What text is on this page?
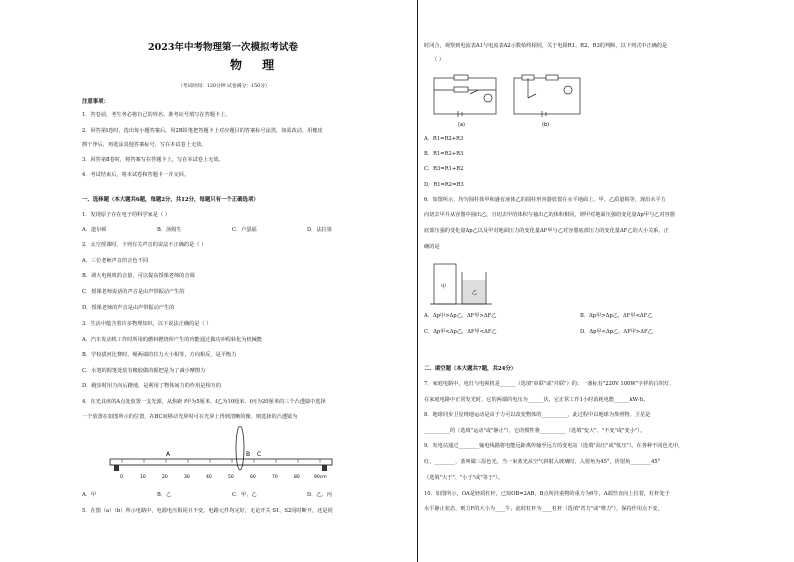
2023年中考物理第一次模拟考试卷
物 理
（考试时间：120分钟 试卷满分：150分）
注意事项：
1．答卷前，考生务必将自己的姓名、准考证号填写在答题卡上。
2．回答第Ⅰ卷时，选出每小题答案后，用2B铅笔把答题卡上对应题目的答案标号涂黑，如需改动，用橡皮
擦干净后，再选涂其他答案标号，写在本试卷上无效。
3．回答第Ⅱ卷时，将答案写在答题卡上，写在本试卷上无效。
4．考试结束后，将本试卷和答题卡一并交回。
一、选择题（本大题共6题，每题2分，共12分，每题只有一个正确选项）
1．发现原子存在电子的科学家是（ ）
A．道尔顿	B．汤姆生	C．卢瑟福	D．法拉第
2．太空授课时，下列有关声音的说法不正确的是（ ）
A．三位老师声音的音色不同
B．调大电视机的音量，可以提高授课老师的音调
C．授课老师说话的声音是由声带振动产生的
D．授课老师的声音是由声带振动产生的
3．生活中蕴含着许多物理知识，以下说法正确的是（ ）
A．汽车发动机工作时所用的燃料燃烧所产生的内能通过做功冲程转化为机械能
B．学校拔河比赛时，绳两端的拉力大小相等，方向相反，是平衡力
C．水笔的握笔处装有橡胶做的握把是为了减小摩擦力
D．跑步时用力向后蹬地，是利用了物体间力的作用是相互的
4．在光具座的A点处放置一支光源，从焦距 f甲为5厘米、f乙为10厘米、f丙为20厘米的三个凸透镜中选择
一个放置在如图所示的位置，在BC间移动光屏时可在光屏上得到清晰的像，则选择的凸透镜为
A	B C
0	10	20	30	40	50	60	70	80	90cm
A．甲	B．乙	C．甲、乙	D．乙、丙
5．在图（a）（b）所示电路中，电源电压相同且不变，电路元件均完好，无论开关 S1、S2同时断开，还是同
时闭合，观察到电流表A1与电流表A2示数始终相同，关于电阻R1、R2、R3的判断，以下列式中正确的是
（ ）
(a)	(b)
A．R1=R2+R3
B．R1=R2+R3
C．R3=R1+R2
D．R1=R2=R3
6．如图所示，均匀圆柱体甲和盛有液体乙的圆柱形容器放置在水平地面上，甲、乙质量相等，现沿水平方
向切去甲并从容器中抽出乙，且切去甲的体积与抽出乙的体积相同，则甲对地面压强的变化量Δp甲与乙对容器
底部压强的变化量Δp乙以及甲对地面压力的变化量ΔF甲与乙对容器底部压力的变化量ΔF乙的大小关系，正
确的是
甲
乙
A．Δp甲>Δp乙，ΔF甲>ΔF乙	B．Δp甲>Δp乙，ΔF甲<ΔF乙
C．Δp甲<Δp乙，ΔF甲<ΔF乙	D．Δp甲<Δp乙，ΔF甲>ΔF乙
二、填空题（本大题共7题，共24分）
7．家庭电路中，电灯与电视机是______（选填"串联"或"并联"）的；一盏标有"220V 100W"字样的白炽灯，
在家庭电路中正常发光时，它的两端的电压为______伏，它正常工作1小时消耗电能______kW·h。
8．地球同步卫星绕地运动是由于力可以改变物体的__________，此过程中以地球为参照物，卫星是
__________的（选填"运动"或"静止"），它的惯性将__________（选填"变大"、"不变"或"变小"）。
9．发电站通过________输电线路将电能远距离传输至远方的变电站（选填"高压"或"低压"）。在各种不同色光中，
红、________、蓝叫做三原色光，当一束蓝光从空气斜射入玻璃时，入射角为45°，折射角________45°
（选填"大于"、"小于"或"等于"）。
10．如图所示，OA是轻质杠杆，已知OB=2AB，B点所挂重物的重力为6牛，A端竖直向上拉着，杠杆处于
水平静止状态，则力F的大小为____牛，此时杠杆为____杠杆（选填"省力"或"费力"），保持作用点不变，
